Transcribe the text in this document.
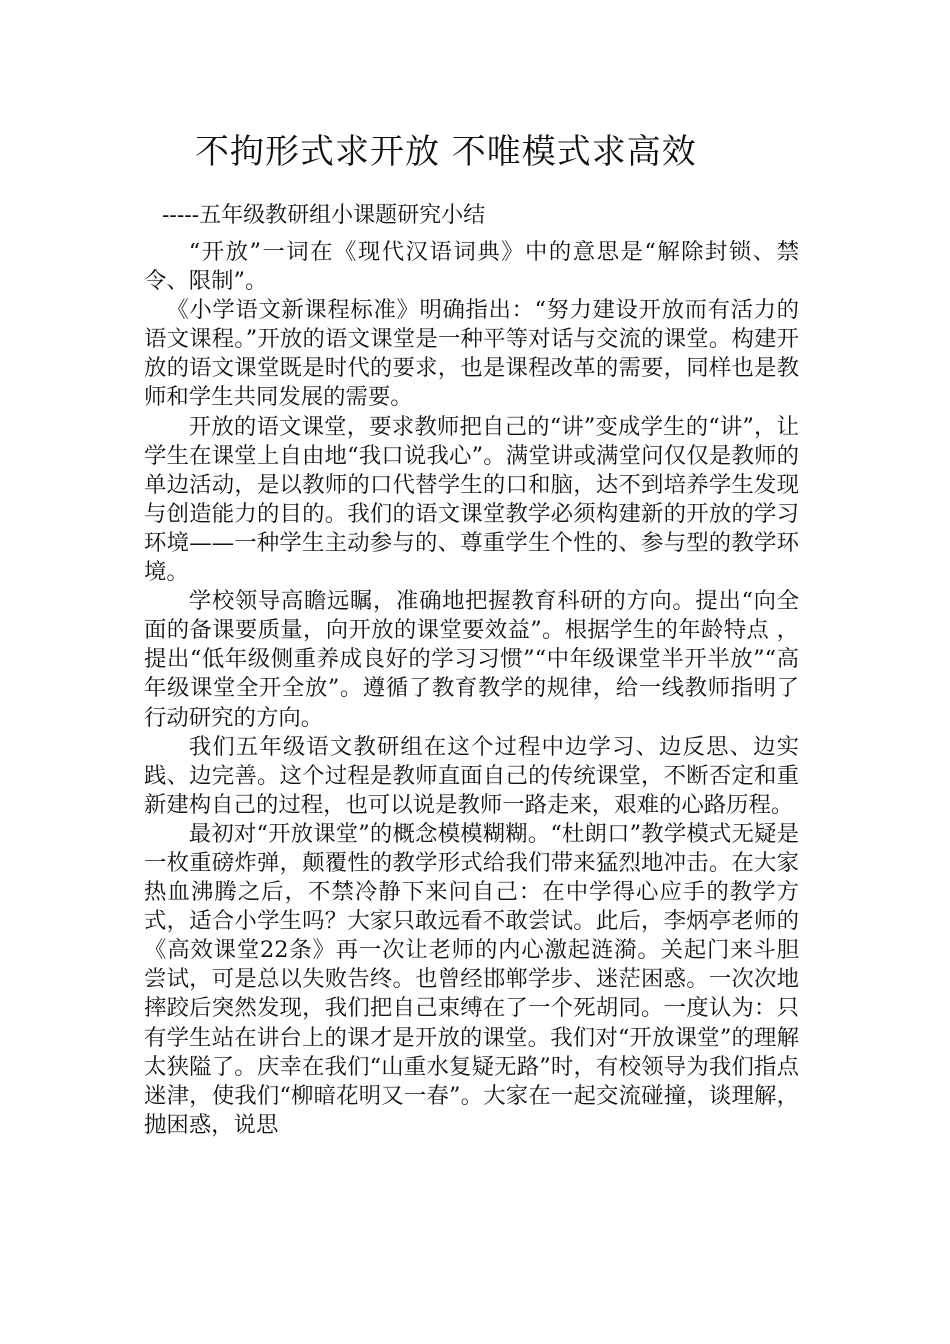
不拘形式求开放 不唯模式求高效
-----五年级教研组小课题研究小结

“开放”一词在《现代汉语词典》中的意思是“解除封锁、禁令、限制”。

《小学语文新课程标准》明确指出：“努力建设开放而有活力的语文课程。”开放的语文课堂是一种平等对话与交流的课堂。构建开放的语文课堂既是时代的要求，也是课程改革的需要，同样也是教师和学生共同发展的需要。

开放的语文课堂，要求教师把自己的“讲”变成学生的“讲”，让学生在课堂上自由地“我口说我心”。满堂讲或满堂问仅仅是教师的单边活动，是以教师的口代替学生的口和脑，达不到培养学生发现与创造能力的目的。我们的语文课堂教学必须构建新的开放的学习环境——一种学生主动参与的、尊重学生个性的、参与型的教学环境。

学校领导高瞻远瞩，准确地把握教育科研的方向。提出“向全面的备课要质量，向开放的课堂要效益”。根据学生的年龄特点 ，提出“低年级侧重养成良好的学习习惯”“中年级课堂半开半放”“高年级课堂全开全放”。遵循了教育教学的规律，给一线教师指明了行动研究的方向。

我们五年级语文教研组在这个过程中边学习、边反思、边实践、边完善。这个过程是教师直面自己的传统课堂，不断否定和重新建构自己的过程，也可以说是教师一路走来，艰难的心路历程。

最初对“开放课堂”的概念模模糊糊。“杜朗口”教学模式无疑是一枚重磅炸弹，颠覆性的教学形式给我们带来猛烈地冲击。在大家热血沸腾之后，不禁冷静下来问自己：在中学得心应手的教学方式，适合小学生吗？大家只敢远看不敢尝试。此后，李炳亭老师的《高效课堂22条》再一次让老师的内心激起涟漪。关起门来斗胆尝试，可是总以失败告终。也曾经邯郸学步、迷茫困惑。一次次地摔跤后突然发现，我们把自己束缚在了一个死胡同。一度认为：只有学生站在讲台上的课才是开放的课堂。我们对“开放课堂”的理解太狭隘了。庆幸在我们“山重水复疑无路”时，有校领导为我们指点迷津，使我们“柳暗花明又一春”。大家在一起交流碰撞，谈理解，抛困惑，说思
